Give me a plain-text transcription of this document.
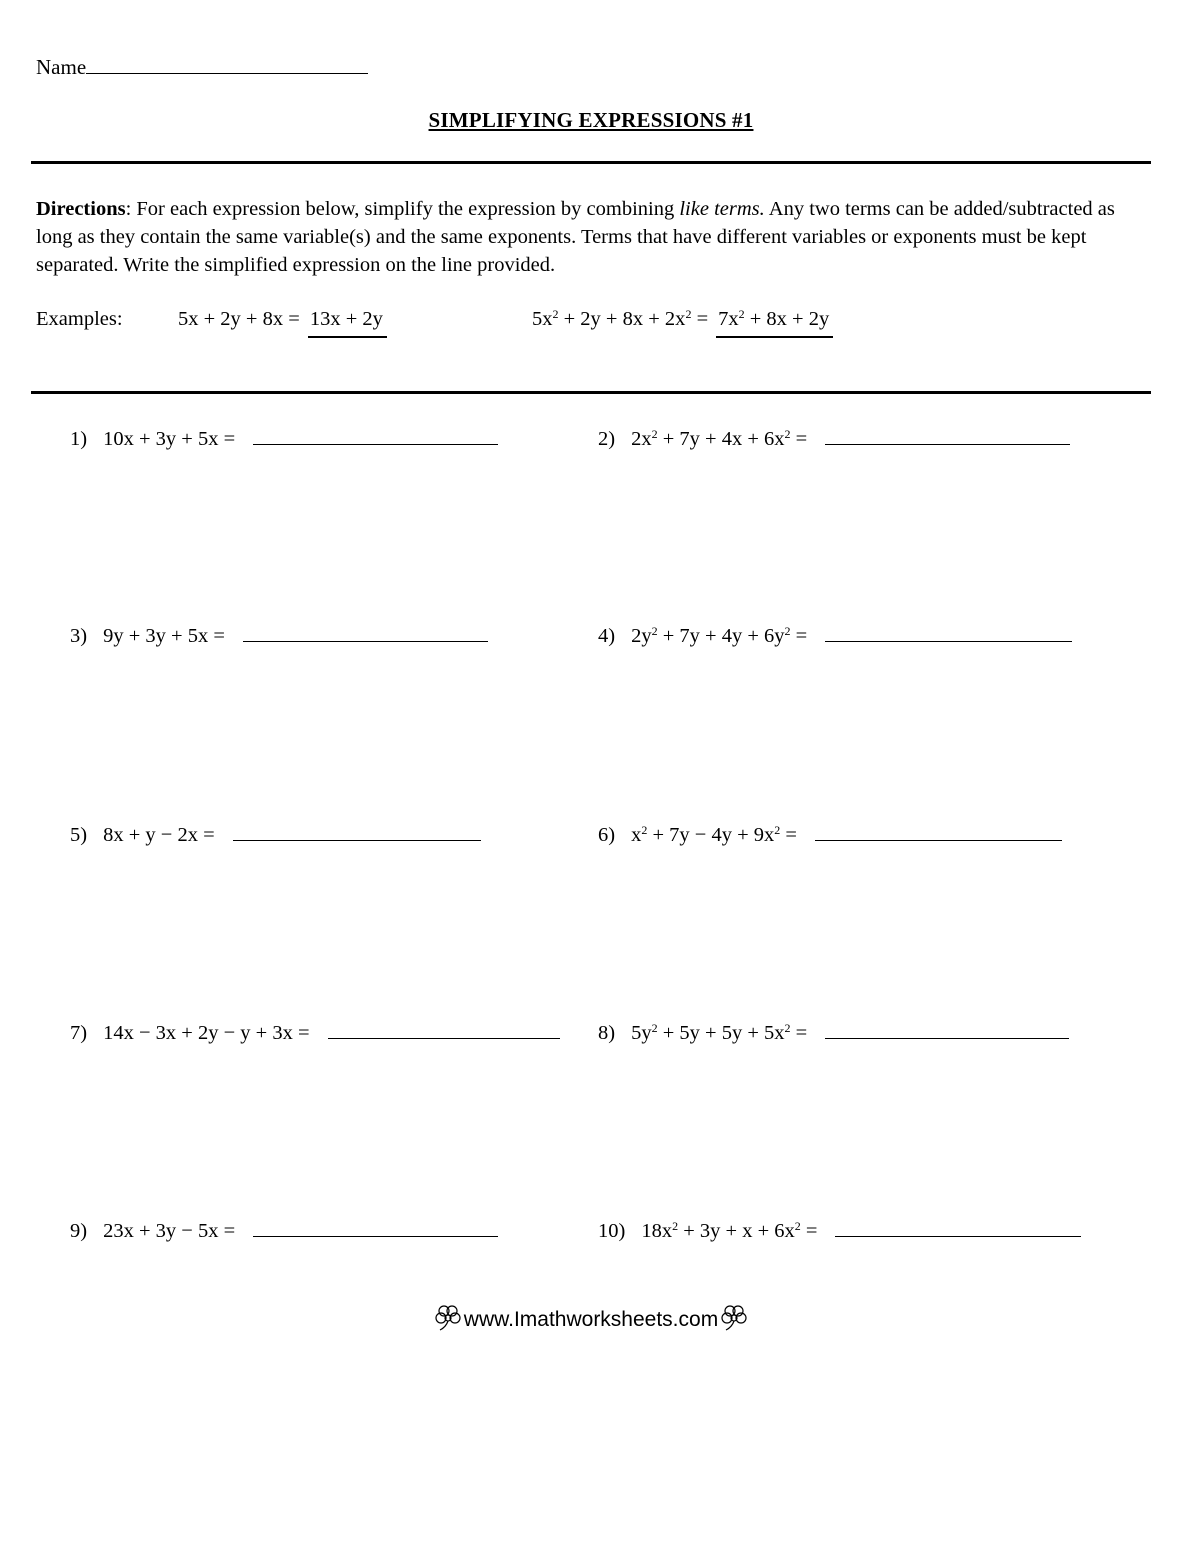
Name
SIMPLIFYING EXPRESSIONS #1
Directions: For each expression below, simplify the expression by combining like terms. Any two terms can be added/subtracted as long as they contain the same variable(s) and the same exponents. Terms that have different variables or exponents must be kept separated. Write the simplified expression on the line provided.
Examples:	5x + 2y + 8x = 13x + 2y	$5x^2 + 2y + 8x + 2x^2 = 7x^2 + 8x + 2y$
1) 10x + 3y + 5x =	2) $2x^2 + 7y + 4x + 6x^2$ =
3) 9y + 3y + 5x =	4) $2y^2 + 7y + 4y + 6y^2$ =
5) 8x + y − 2x =	6) $x^2 + 7y - 4y + 9x^2$ =
7) 14x − 3x + 2y − y + 3x =	8) $5y^2 + 5y + 5y + 5x^2$ =
9) 23x + 3y − 5x =	10) $18x^2 + 3y + x + 6x^2$ =
www.Imathworksheets.com
